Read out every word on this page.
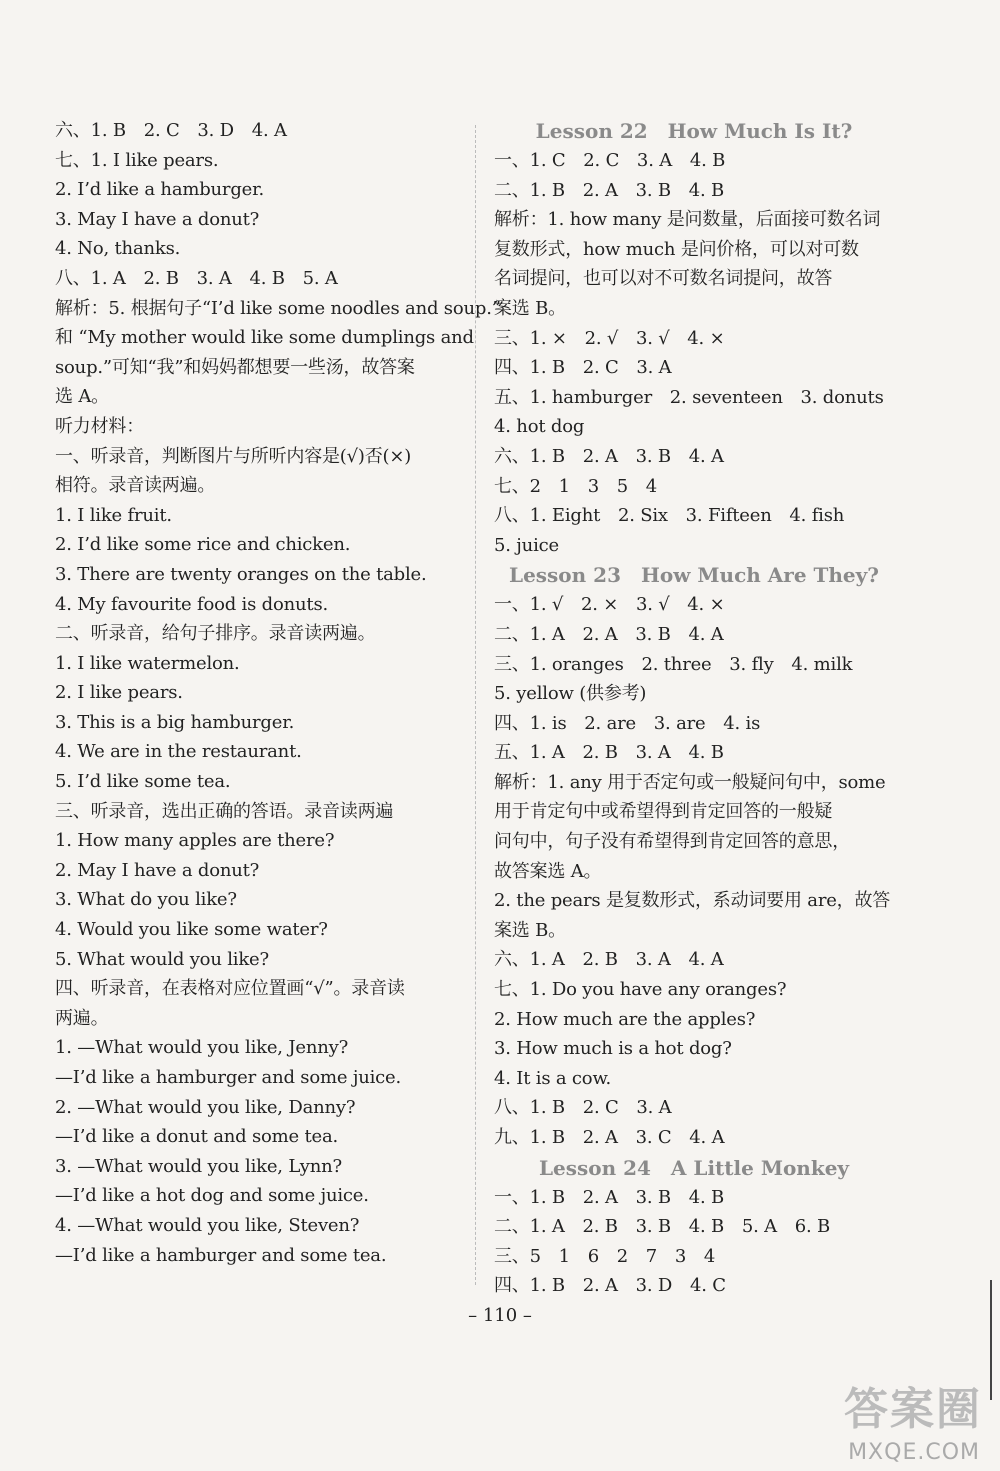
六、1. B　2. C　3. D　4. A
七、1. I like pears.
2. I’d like a hamburger.
3. May I have a donut?
4. No, thanks.
八、1. A　2. B　3. A　4. B　5. A
解析：5. 根据句子“I’d like some noodles and soup.”
和 “My mother would like some dumplings and
soup.”可知“我”和妈妈都想要一些汤，故答案
选 A。
听力材料：
一、听录音，判断图片与所听内容是(√)否(×)
相符。录音读两遍。
1. I like fruit.
2. I’d like some rice and chicken.
3. There are twenty oranges on the table.
4. My favourite food is donuts.
二、听录音，给句子排序。录音读两遍。
1. I like watermelon.
2. I like pears.
3. This is a big hamburger.
4. We are in the restaurant.
5. I’d like some tea.
三、听录音，选出正确的答语。录音读两遍
1. How many apples are there?
2. May I have a donut?
3. What do you like?
4. Would you like some water?
5. What would you like?
四、听录音，在表格对应位置画“√”。录音读
两遍。
1. —What would you like, Jenny?
—I’d like a hamburger and some juice.
2. —What would you like, Danny?
—I’d like a donut and some tea.
3. —What would you like, Lynn?
—I’d like a hot dog and some juice.
4. —What would you like, Steven?
—I’d like a hamburger and some tea.
Lesson 22　How Much Is It?
一、1. C　2. C　3. A　4. B
二、1. B　2. A　3. B　4. B
解析：1. how many 是问数量，后面接可数名词
复数形式，how much 是问价格，可以对可数
名词提问，也可以对不可数名词提问，故答
案选 B。
三、1. ×　2. √　3. √　4. ×
四、1. B　2. C　3. A
五、1. hamburger　2. seventeen　3. donuts
4. hot dog
六、1. B　2. A　3. B　4. A
七、2　1　3　5　4
八、1. Eight　2. Six　3. Fifteen　4. fish
5. juice
Lesson 23　How Much Are They?
一、1. √　2. ×　3. √　4. ×
二、1. A　2. A　3. B　4. A
三、1. oranges　2. three　3. fly　4. milk
5. yellow (供参考)
四、1. is　2. are　3. are　4. is
五、1. A　2. B　3. A　4. B
解析：1. any 用于否定句或一般疑问句中，some
用于肯定句中或希望得到肯定回答的一般疑
问句中，句子没有希望得到肯定回答的意思，
故答案选 A。
2. the pears 是复数形式，系动词要用 are，故答
案选 B。
六、1. A　2. B　3. A　4. A
七、1. Do you have any oranges?
2. How much are the apples?
3. How much is a hot dog?
4. It is a cow.
八、1. B　2. C　3. A
九、1. B　2. A　3. C　4. A
Lesson 24　A Little Monkey
一、1. B　2. A　3. B　4. B
二、1. A　2. B　3. B　4. B　5. A　6. B
三、5　1　6　2　7　3　4
四、1. B　2. A　3. D　4. C
– 110 –
答案圈
MXQE.COM
